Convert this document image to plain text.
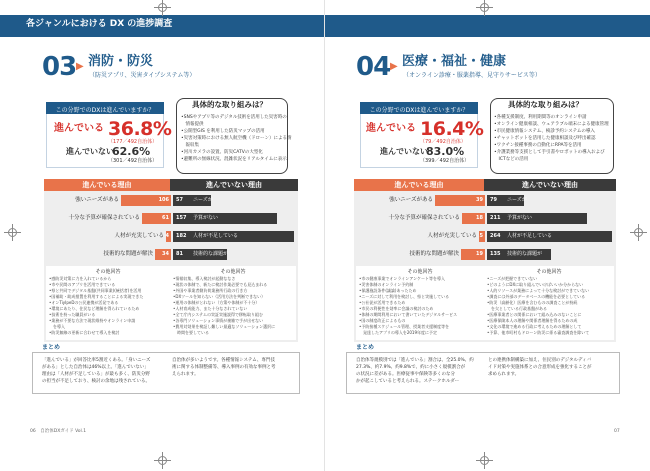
各ジャンルにおける DX の進捗調査
03 ▶ 消防・防災
（防災アプリ、災害タイプシステム等）
この分野でのDXは進んでいますか？
進んでいる 36.8%
（177／492自治体）
進んでいない
62.6%
（301／492自治体）
具体的な取り組みは？
•SNSやアプリ等のデジタル技術を活用した災害時の
　情報提供
•公開型GIS を利用した防災マップの活用
•災害対策時における無人航空機（ドローン）による情
　報収集
•河川カメラの設置、防災CATVの大型化
•避難所の無線状況、混雑状況をリアルタイムに表示
進んでいる理由	進んでいない理由
強いニーズがある	106 57 ニーズが
十分な予算が確保されている	61 157 予算がない
人材が充実している 4 182 人材が不足している
技術的な問題が解決 34 81 技術的な課題が
その他回答	その他回答
•感防災対策に力を入れているから
•市や民間のアプリを活用できている
•県と共同でデジタル基盤(共同事業)(統括者)を活用
•国補助・助成措置を利用することによる実現できた
•オンTiyIpeDの公民連携が活発である
•環境にあたり、住民など理解を得られているため
•技術を持った職員がいる
•業務が不要な方法で現状維持やオンライン申請
　を導入
•防災無線の更新に合わせて導入を検討
•情報収集、導入検討が起動ななさ
•現状の体制で、新たに検討作業必要でも見込まれる
•外国や事業者側負荷業務所行政の行き方
•DXツールを知らない（活用方法を判断できない）
•運用の体制がとれない（方策や体制が不十分）
•人材育成能力、また十分なされていない
•全て庁内システムの実証実施説得で移転取り組む
•各専門ソリューション事情が複雑で手が出せない
•費用対効果を検証し難しい最適なソリューション選択に
　時間を要している
まとめ
「進んでいる」が回答比率5割近くある。「身いニーズ
がある」とした自治体は46%以上。「進んでいない」
理由は「人材が不足している」が最も多く、防災分野
の担当が不足しており、検討の余地は残されている。
自治体が多いようです。各種情報システム、専門技
術に関する体制整備等、導入事例の有効な事例と考
えられます。
06　自治体DXガイド Vol.1
04 ▶ 医療・福祉・健康
（オンライン診療・服薬指導、見守りサービス等）
この分野でのDXは進んでいますか？
進んでいる 16.4%
（79／492自治体）
進んでいない
83.0%
（399／492自治体）
具体的な取り組みは？
•各種支援制度、利用期間等のオンライン申請
•オンライン健康相談、ウェアラブル端末による健康管理
•市民健康情報システム、検診予約システムの導入
•チャットボットを活用した健康相談及び呼出確認
•ワクチン接種事務の自動化にRPA等を活用
•介護業務等支援として手引書やロボットの導入および
　ICTなどの活用
進んでいる理由	進んでいない理由
強いニーズがある	39 79 ニーズが
十分な予算が確保されている	18 211 予算がない
人材が充実している 5 264 人材が不足している
技術的な問題が解決	19 135 技術的な課題が
その他回答	その他回答
•市の健康事業でオンラインアンケート等を導入
•災害体制のオンライン予約制
•保護施設条件(議論)あったため
•ニーズに対して利用を検討し、県と実施している
•公社従が活用できるため
•市民の利便性を効率に会議の検討のため
•体制の期間利用において書いていたデジタルサービス
•国の制度改正によるもの
•予防接種スケジュール管理、授業者支援制度等を
　発達したアプリの導入を2019年度に予定
•ニーズが把握できていない
•どのようにDXに取り組んでいけばいいか分からない
•人的リソースが業務によって十分な検討ができていない
•調査には外部のデータベースの機能を必要としている
•防災（高齢化）医療を含むものの調査ことが持続
　を欠としている行政基盤がある
•医療事業者との関係において組み込みのないことに
•医療保険本人の理解や関係者理解を得るための成
•文化の環境で進める行政に考えるための理解として
•予算、他市町村もドローン防災に係る審査調査を除いて
まとめ
自治体等規模別では「進んでいる」割合は、全25.0%、約
27.3%、約7.9%、約9.8%で、約に小さく規模割合が
の状況に差がある。医療従事や保険等多くのな分
かが起こしていると考えられる。ステークホルダー
との連携体制構築に加え、住民別のデジタルディバ
イド対策や実施体系との合意形成を強化することが
求められます。
07
